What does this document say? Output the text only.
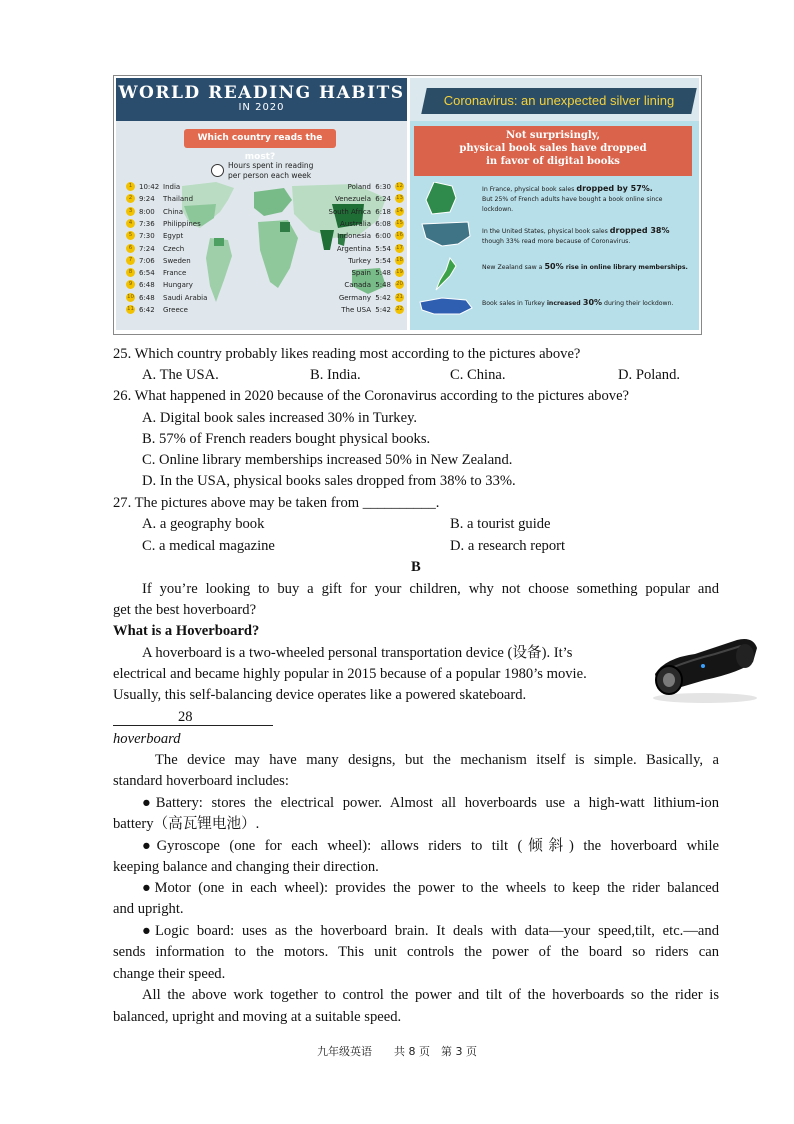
WORLD READING HABITS
IN 2020
Which country reads the most?
Hours spent in reading per person each week
1 10:42 India
2 9:24 Thailand
3 8:00 China
4 7:36 Philippines
5 7:30 Egypt
6 7:24 Czech
7 7:06 Sweden
8 6:54 France
9 6:48 Hungary
10 6:48 Saudi Arabia
11 6:42 Greece
Poland 6:30 12
Venezuela 6:24 13
South Africa 6:18 14
Australia 6:08 15
Indonesia 6:00 16
Argentina 5:54 17
Turkey 5:54 18
Spain 5:48 19
Canada 5:48 20
Germany 5:42 21
The USA 5:42 22
Coronavirus: an unexpected silver lining
Not surprisingly,
physical book sales have dropped
in favor of digital books
In France, physical book sales dropped by 57%.
But 25% of French adults have bought a book online since lockdown.
In the United States, physical book sales dropped 38% though 33% read more because of Coronavirus.
New Zealand saw a 50% rise in online library memberships.
Book sales in Turkey increased 30% during their lockdown.
25. Which country probably likes reading most according to the pictures above?
A. The USA.	B. India.	C. China.	D. Poland.
26. What happened in 2020 because of the Coronavirus according to the pictures above?
A. Digital book sales increased 30% in Turkey.
B. 57% of French readers bought physical books.
C. Online library memberships increased 50% in New Zealand.
D. In the USA, physical books sales dropped from 38% to 33%.
27. The pictures above may be taken from __________.
A. a geography book	B. a tourist guide
C. a medical magazine	D. a research report
B
If you’re looking to buy a gift for your children, why not choose something popular and
get the best hoverboard?
What is a Hoverboard?
A hoverboard is a two-wheeled personal transportation device (设备). It’s
electrical and became highly popular in 2015 because of a popular 1980’s movie.
Usually, this self-balancing device operates like a powered skateboard.
28
hoverboard
The device may have many designs, but the mechanism itself is simple. Basically, a
standard hoverboard includes:
●Battery: stores the electrical power. Almost all hoverboards use a high-watt lithium-ion
battery（高瓦锂电池）.
●Gyroscope (one for each wheel): allows riders to tilt (倾斜) the hoverboard while
keeping balance and changing their direction.
●Motor (one in each wheel): provides the power to the wheels to keep the rider balanced
and upright.
●Logic board: uses as the hoverboard brain. It deals with data—your speed,tilt, etc.—and
sends information to the motors. This unit controls the power of the board so riders can
change their speed.
All the above work together to control the power and tilt of the hoverboards so the rider is
balanced, upright and moving at a suitable speed.
九年级英语　　共 8 页　第 3 页
